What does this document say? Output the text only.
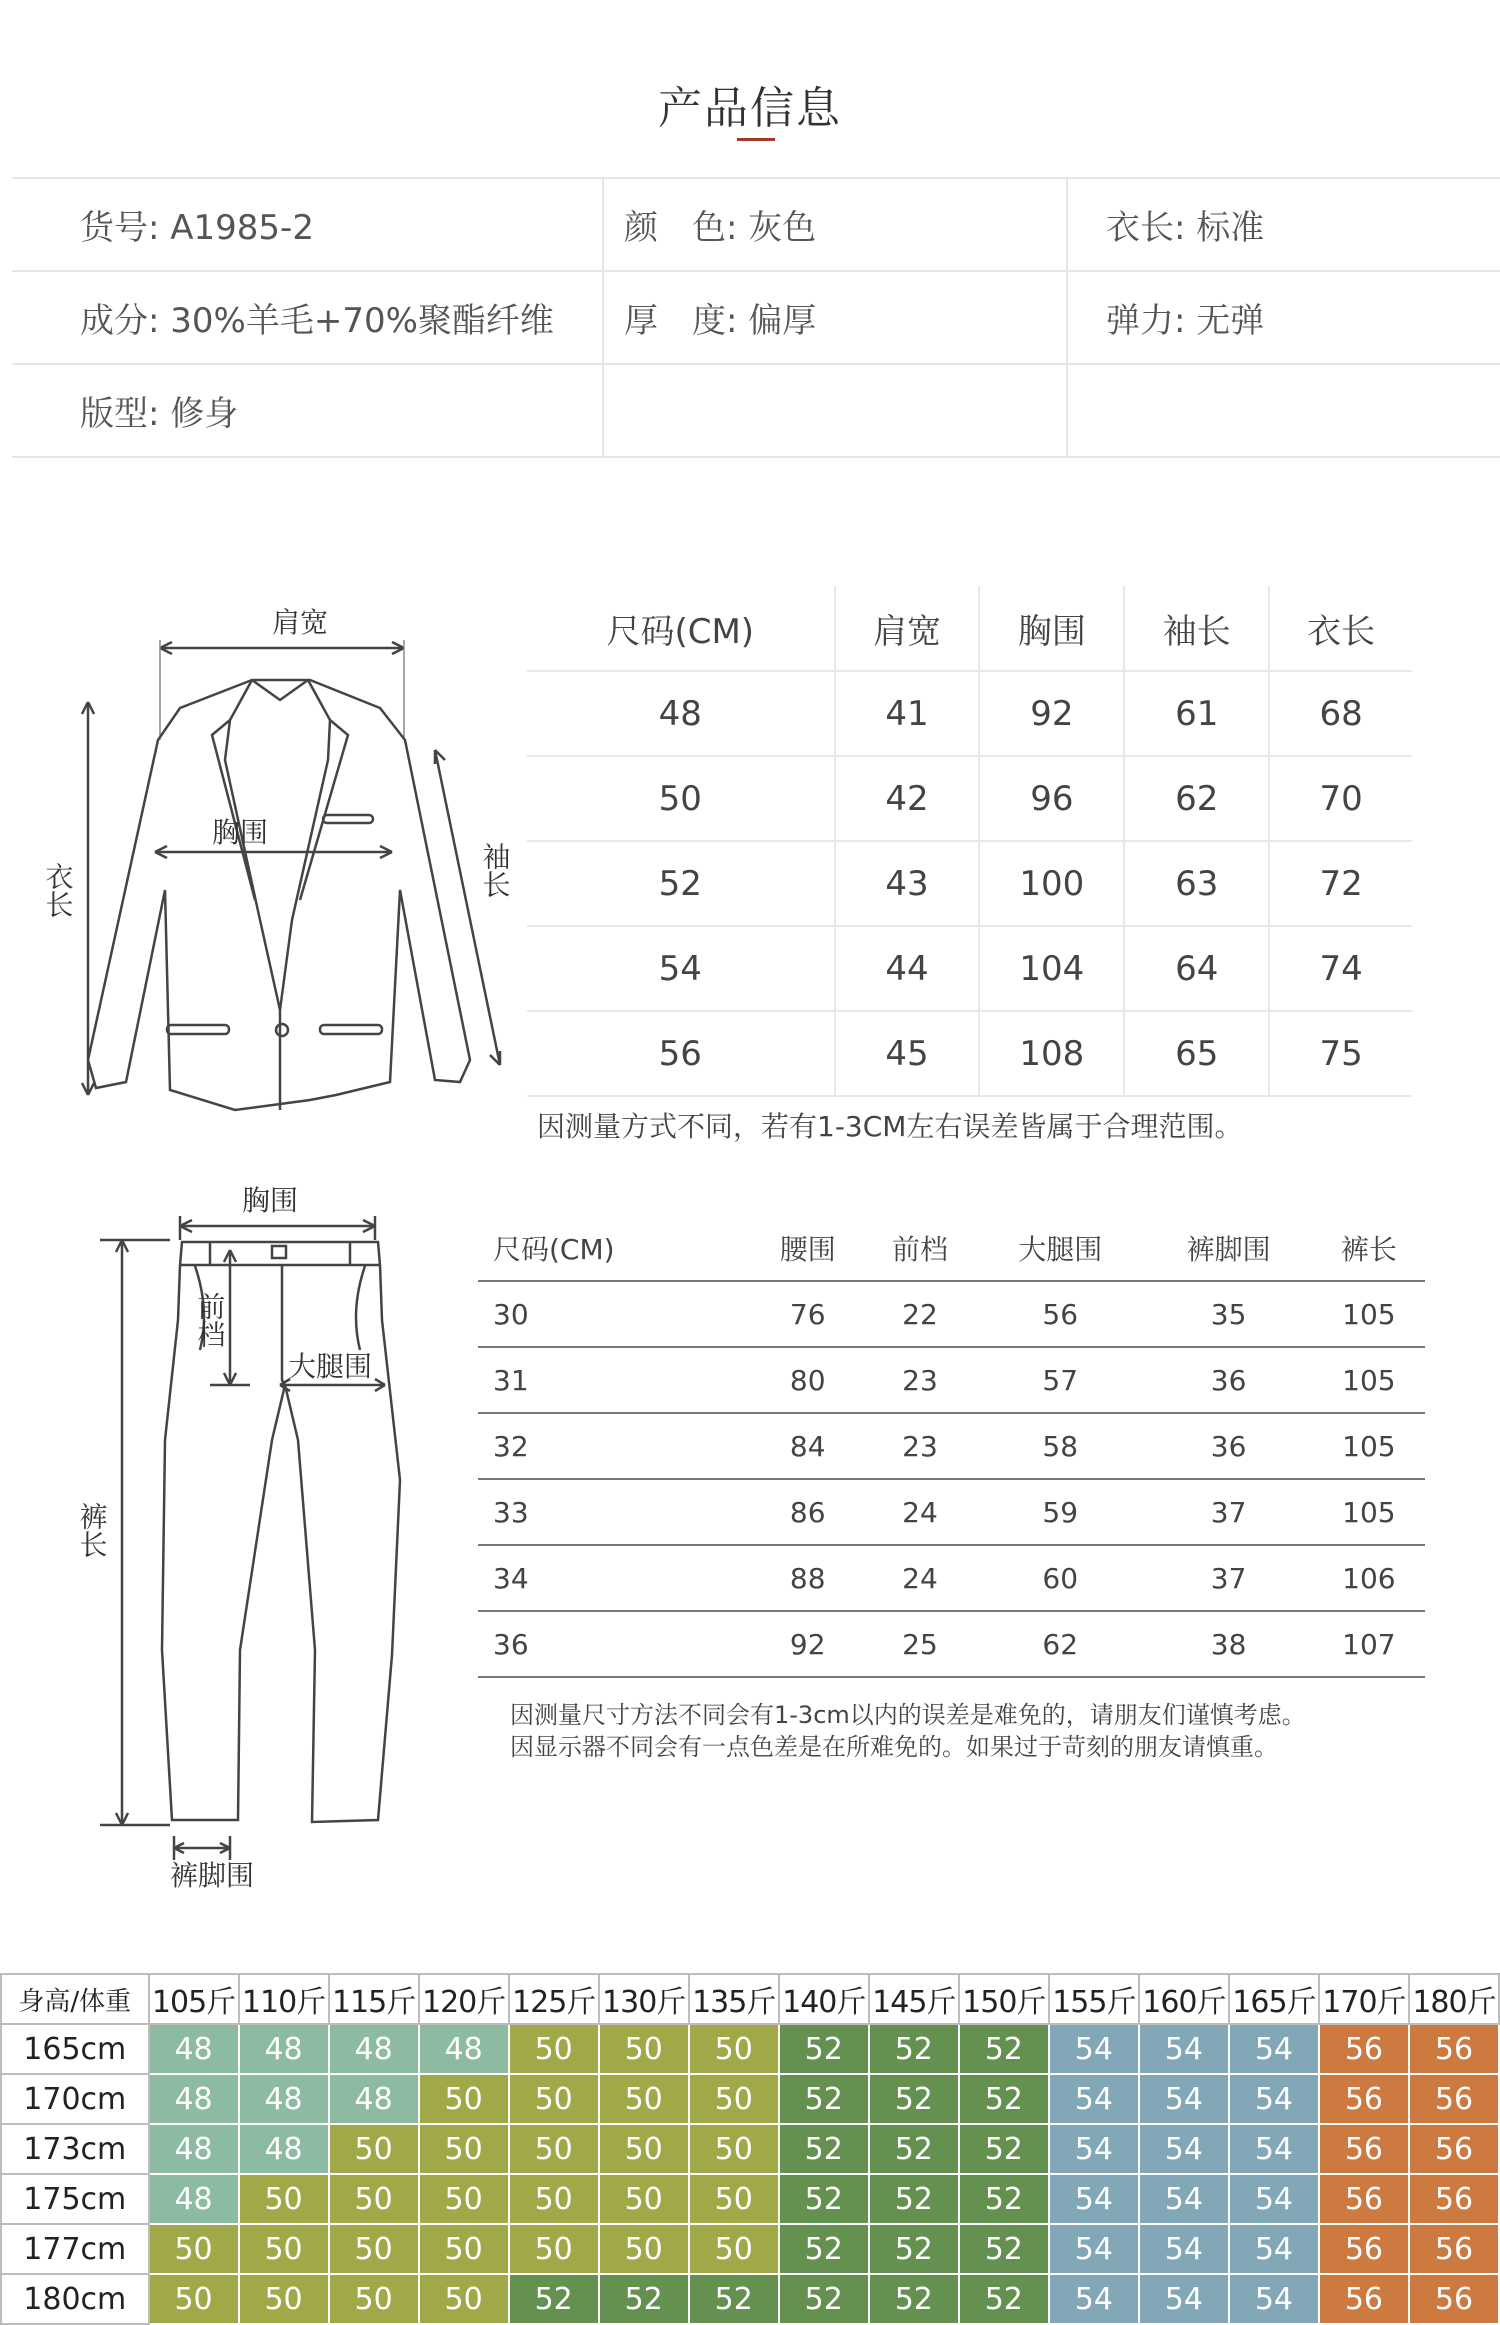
产品信息
货号: A1985-2	颜　色: 灰色	衣长: 标准
成分: 30%羊毛+70%聚酯纤维	厚　度: 偏厚	弹力: 无弹
版型: 修身		
肩宽
胸围
衣长	袖长
尺码(CM)	肩宽	胸围	袖长	衣长
48	41	92	61	68
50	42	96	62	70
52	43	100	63	72
54	44	104	64	74
56	45	108	65	75
因测量方式不同，若有1-3CM左右误差皆属于合理范围。
胸围
前档
大腿围
裤长
裤脚围
尺码(CM)	腰围	前档	大腿围	裤脚围	裤长
30	76	22	56	35	105
31	80	23	57	36	105
32	84	23	58	36	105
33	86	24	59	37	105
34	88	24	60	37	106
36	92	25	62	38	107
因测量尺寸方法不同会有1-3cm以内的误差是难免的，请朋友们谨慎考虑。
因显示器不同会有一点色差是在所难免的。如果过于苛刻的朋友请慎重。
身高/体重	105斤	110斤	115斤	120斤	125斤	130斤	135斤	140斤	145斤	150斤	155斤	160斤	165斤	170斤	180斤
165cm	48	48	48	48	50	50	50	52	52	52	54	54	54	56	56
170cm	48	48	48	50	50	50	50	52	52	52	54	54	54	56	56
173cm	48	48	50	50	50	50	50	52	52	52	54	54	54	56	56
175cm	48	50	50	50	50	50	50	52	52	52	54	54	54	56	56
177cm	50	50	50	50	50	50	50	52	52	52	54	54	54	56	56
180cm	50	50	50	50	52	52	52	52	52	52	54	54	54	56	56
